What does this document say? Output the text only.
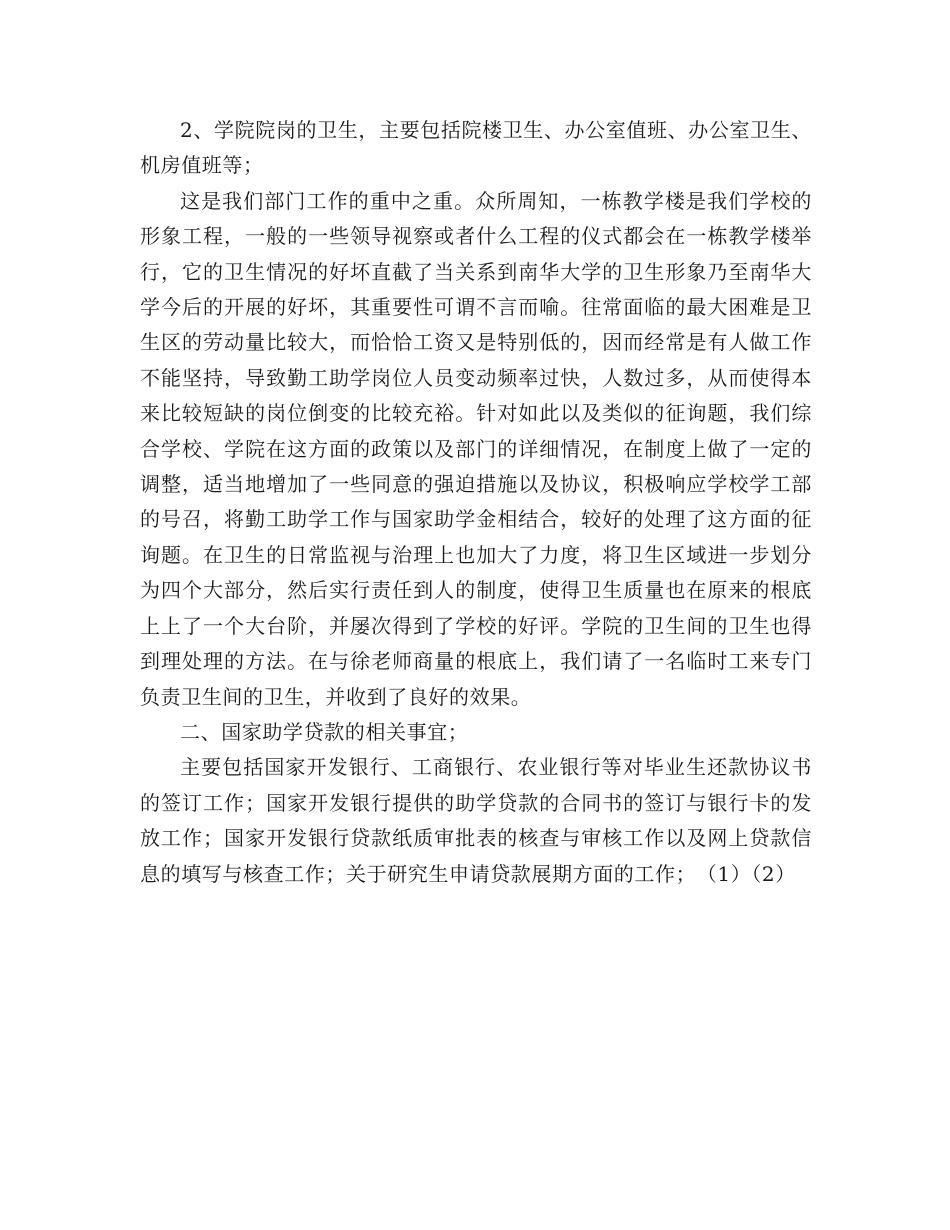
2、学院院岗的卫生，主要包括院楼卫生、办公室值班、办公室卫生、机房值班等；

这是我们部门工作的重中之重。众所周知，一栋教学楼是我们学校的形象工程，一般的一些领导视察或者什么工程的仪式都会在一栋教学楼举行，它的卫生情况的好坏直截了当关系到南华大学的卫生形象乃至南华大学今后的开展的好坏，其重要性可谓不言而喻。往常面临的最大困难是卫生区的劳动量比较大，而恰恰工资又是特别低的，因而经常是有人做工作不能坚持，导致勤工助学岗位人员变动频率过快，人数过多，从而使得本来比较短缺的岗位倒变的比较充裕。针对如此以及类似的征询题，我们综合学校、学院在这方面的政策以及部门的详细情况，在制度上做了一定的调整，适当地增加了一些同意的强迫措施以及协议，积极响应学校学工部的号召，将勤工助学工作与国家助学金相结合，较好的处理了这方面的征询题。在卫生的日常监视与治理上也加大了力度，将卫生区域进一步划分为四个大部分，然后实行责任到人的制度，使得卫生质量也在原来的根底上上了一个大台阶，并屡次得到了学校的好评。学院的卫生间的卫生也得到理处理的方法。在与徐老师商量的根底上，我们请了一名临时工来专门负责卫生间的卫生，并收到了良好的效果。

二、国家助学贷款的相关事宜；

主要包括国家开发银行、工商银行、农业银行等对毕业生还款协议书的签订工作；国家开发银行提供的助学贷款的合同书的签订与银行卡的发放工作；国家开发银行贷款纸质审批表的核查与审核工作以及网上贷款信息的填写与核查工作；关于研究生申请贷款展期方面的工作；　（1）（2）
